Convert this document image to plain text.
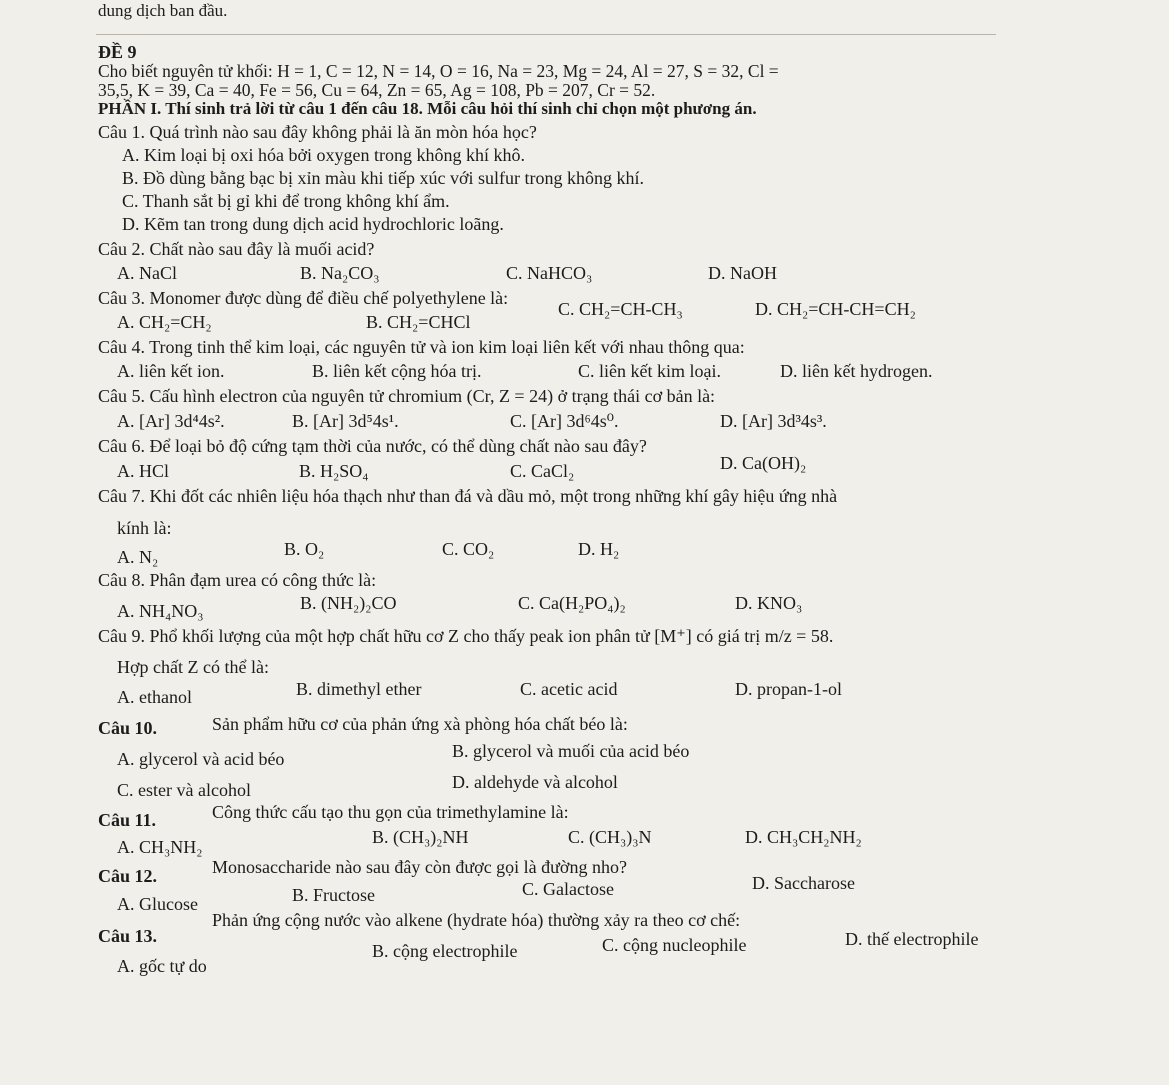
dung dịch ban đầu.
ĐỀ 9
Cho biết nguyên tử khối: H = 1, C = 12, N = 14, O = 16, Na = 23, Mg = 24, Al = 27, S = 32, Cl =
35,5, K = 39, Ca = 40, Fe = 56, Cu = 64, Zn = 65, Ag = 108, Pb = 207, Cr = 52.
PHẦN I. Thí sinh trả lời từ câu 1 đến câu 18. Mỗi câu hỏi thí sinh chỉ chọn một phương án.
Câu 1. Quá trình nào sau đây không phải là ăn mòn hóa học?
A. Kim loại bị oxi hóa bởi oxygen trong không khí khô.
B. Đồ dùng bằng bạc bị xỉn màu khi tiếp xúc với sulfur trong không khí.
C. Thanh sắt bị gỉ khi để trong không khí ẩm.
D. Kẽm tan trong dung dịch acid hydrochloric loãng.
Câu 2. Chất nào sau đây là muối acid?
A. NaCl	B. Na₂CO₃	C. NaHCO₃	D. NaOH
Câu 3. Monomer được dùng để điều chế polyethylene là:
C. CH₂=CH-CH₃	D. CH₂=CH-CH=CH₂
A. CH₂=CH₂	B. CH₂=CHCl
Câu 4. Trong tinh thể kim loại, các nguyên tử và ion kim loại liên kết với nhau thông qua:
A. liên kết ion.	B. liên kết cộng hóa trị.	C. liên kết kim loại.	D. liên kết hydrogen.
Câu 5. Cấu hình electron của nguyên tử chromium (Cr, Z = 24) ở trạng thái cơ bản là:
A. [Ar] 3d⁴4s².	B. [Ar] 3d⁵4s¹.	C. [Ar] 3d⁶4s⁰.	D. [Ar] 3d³4s³.
Câu 6. Để loại bỏ độ cứng tạm thời của nước, có thể dùng chất nào sau đây?
A. HCl	B. H₂SO₄	C. CaCl₂	D. Ca(OH)₂
Câu 7. Khi đốt các nhiên liệu hóa thạch như than đá và dầu mỏ, một trong những khí gây hiệu ứng nhà
kính là:
A. N₂	B. O₂	C. CO₂	D. H₂
Câu 8. Phân đạm urea có công thức là:
A. NH₄NO₃	B. (NH₂)₂CO	C. Ca(H₂PO₄)₂	D. KNO₃
Câu 9. Phổ khối lượng của một hợp chất hữu cơ Z cho thấy peak ion phân tử [M⁺] có giá trị m/z = 58.
Hợp chất Z có thể là:
A. ethanol	B. dimethyl ether	C. acetic acid	D. propan-1-ol
Câu 10.	Sản phẩm hữu cơ của phản ứng xà phòng hóa chất béo là:
A. glycerol và acid béo	B. glycerol và muối của acid béo
C. ester và alcohol	D. aldehyde và alcohol
Câu 11.	Công thức cấu tạo thu gọn của trimethylamine là:
A. CH₃NH₂	B. (CH₃)₂NH	C. (CH₃)₃N	D. CH₃CH₂NH₂
Câu 12.	Monosaccharide nào sau đây còn được gọi là đường nho?
A. Glucose	B. Fructose	C. Galactose	D. Saccharose
Câu 13.
Phản ứng cộng nước vào alkene (hydrate hóa) thường xảy ra theo cơ chế:
A. gốc tự do
B. cộng electrophile	C. cộng nucleophile	D. thế electrophile
